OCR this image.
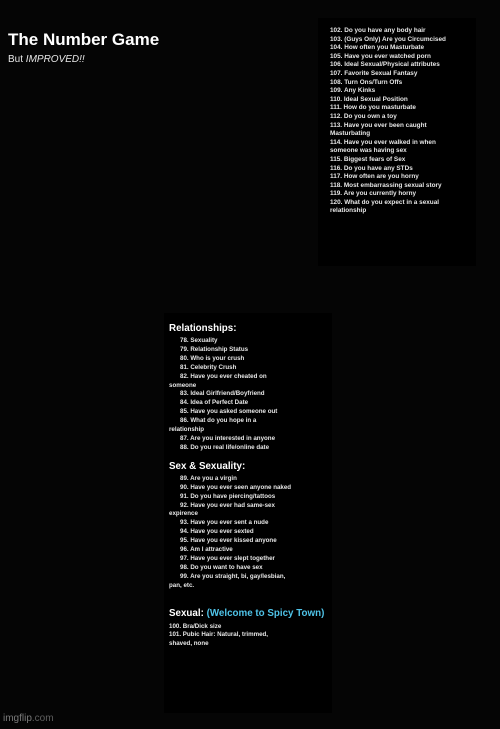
The Number Game
But IMPROVED!!
102. Do you have any body hair
103. (Guys Only) Are you Circumcised
104. How often you Masturbate
105. Have you ever watched porn
106. Ideal Sexual/Physical attributes
107. Favorite Sexual Fantasy
108. Turn Ons/Turn Offs
109. Any Kinks
110. Ideal Sexual Position
111. How do you masturbate
112. Do you own a toy
113. Have you ever been caught
Masturbating
114. Have you ever walked in when
someone was having sex
115. Biggest fears of Sex
116. Do you have any STDs
117. How often are you horny
118. Most embarrassing sexual story
119. Are you currently horny
120. What do you expect in a sexual
relationship
Relationships:
78. Sexuality
79. Relationship Status
80. Who is your crush
81. Celebrity Crush
82. Have you ever cheated on
someone
83. Ideal Girlfriend/Boyfriend
84. Idea of Perfect Date
85. Have you asked someone out
86. What do you hope in a
relationship
87. Are you interested in anyone
88. Do you real life/online date
Sex & Sexuality:
89. Are you a virgin
90. Have you ever seen anyone naked
91. Do you have piercing/tattoos
92. Have you ever had same-sex
expirence
93. Have you ever sent a nude
94. Have you ever sexted
95. Have you ever kissed anyone
96. Am I attractive
97. Have you ever slept together
98. Do you want to have sex
99. Are you straight, bi, gay/lesbian,
pan, etc.
Sexual: (Welcome to Spicy Town)
100. Bra/Dick size
101. Pubic Hair: Natural, trimmed,
shaved, none
imgflip.com
